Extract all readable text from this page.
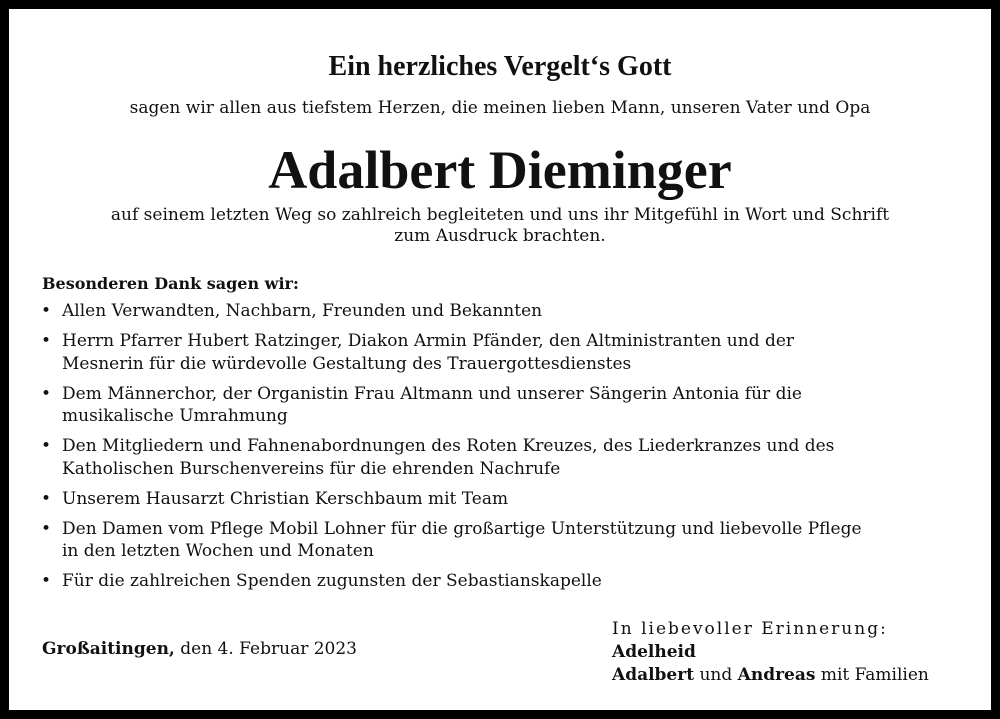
Ein herzliches Vergelt‘s Gott
sagen wir allen aus tiefstem Herzen, die meinen lieben Mann, unseren Vater und Opa
Adalbert Dieminger
auf seinem letzten Weg so zahlreich begleiteten und uns ihr Mitgefühl in Wort und Schrift
zum Ausdruck brachten.
Besonderen Dank sagen wir:
• Allen Verwandten, Nachbarn, Freunden und Bekannten
• Herrn Pfarrer Hubert Ratzinger, Diakon Armin Pfänder, den Altministranten und der
Mesnerin für die würdevolle Gestaltung des Trauergottesdienstes
• Dem Männerchor, der Organistin Frau Altmann und unserer Sängerin Antonia für die
musikalische Umrahmung
• Den Mitgliedern und Fahnenabordnungen des Roten Kreuzes, des Liederkranzes und des
Katholischen Burschenvereins für die ehrenden Nachrufe
• Unserem Hausarzt Christian Kerschbaum mit Team
• Den Damen vom Pflege Mobil Lohner für die großartige Unterstützung und liebevolle Pflege
in den letzten Wochen und Monaten
• Für die zahlreichen Spenden zugunsten der Sebastianskapelle
Großaitingen, den 4. Februar 2023
In liebevoller Erinnerung:
Adelheid
Adalbert und Andreas mit Familien
